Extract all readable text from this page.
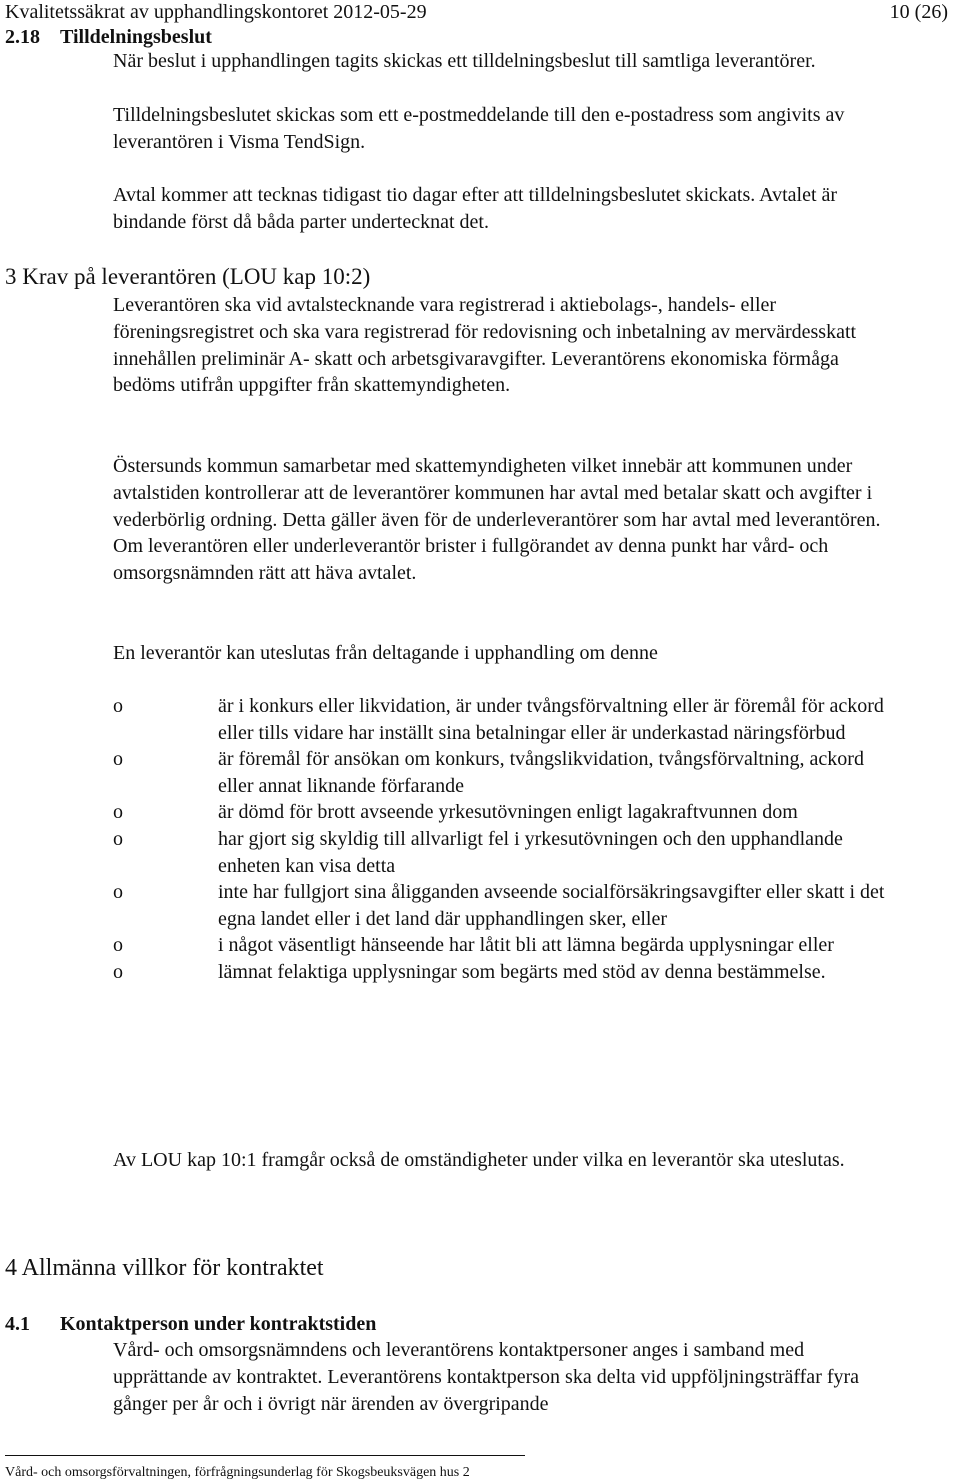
Kvalitetssäkrat av upphandlingskontoret 2012-05-29	10 (26)
2.18 Tilldelningsbeslut

När beslut i upphandlingen tagits skickas ett tilldelningsbeslut till samtliga leverantörer.

Tilldelningsbeslutet skickas som ett e-postmeddelande till den e-postadress som angivits av leverantören i Visma TendSign.

Avtal kommer att tecknas tidigast tio dagar efter att tilldelningsbeslutet skickats. Avtalet är bindande först då båda parter undertecknat det.

3 Krav på leverantören (LOU kap 10:2)

Leverantören ska vid avtalstecknande vara registrerad i aktiebolags-, handels- eller föreningsregistret och ska vara registrerad för redovisning och inbetalning av mervärdesskatt innehållen preliminär A- skatt och arbetsgivaravgifter. Leverantörens ekonomiska förmåga bedöms utifrån uppgifter från skattemyndigheten.

Östersunds kommun samarbetar med skattemyndigheten vilket innebär att kommunen under avtalstiden kontrollerar att de leverantörer kommunen har avtal med betalar skatt och avgifter i vederbörlig ordning. Detta gäller även för de underleverantörer som har avtal med leverantören. Om leverantören eller underleverantör brister i fullgörandet av denna punkt har vård- och omsorgsnämnden rätt att häva avtalet.

En leverantör kan uteslutas från deltagande i upphandling om denne

o	är i konkurs eller likvidation, är under tvångsförvaltning eller är föremål för ackord eller tills vidare har inställt sina betalningar eller är underkastad näringsförbud
o	är föremål för ansökan om konkurs, tvångslikvidation, tvångsförvaltning, ackord eller annat liknande förfarande
o	är dömd för brott avseende yrkesutövningen enligt lagakraftvunnen dom
o	har gjort sig skyldig till allvarligt fel i yrkesutövningen och den upphandlande enheten kan visa detta
o	inte har fullgjort sina åligganden avseende socialförsäkringsavgifter eller skatt i det egna landet eller i det land där upphandlingen sker, eller
o	i något väsentligt hänseende har låtit bli att lämna begärda upplysningar eller
o	lämnat felaktiga upplysningar som begärts med stöd av denna bestämmelse.

Av LOU kap 10:1 framgår också de omständigheter under vilka en leverantör ska uteslutas.

4 Allmänna villkor för kontraktet
4.1 Kontaktperson under kontraktstiden

Vård- och omsorgsnämndens och leverantörens kontaktpersoner anges i samband med upprättande av kontraktet. Leverantörens kontaktperson ska delta vid uppföljningsträffar fyra gånger per år och i övrigt när ärenden av övergripande

Vård- och omsorgsförvaltningen, förfrågningsunderlag för Skogsbeuksvägen hus 2
